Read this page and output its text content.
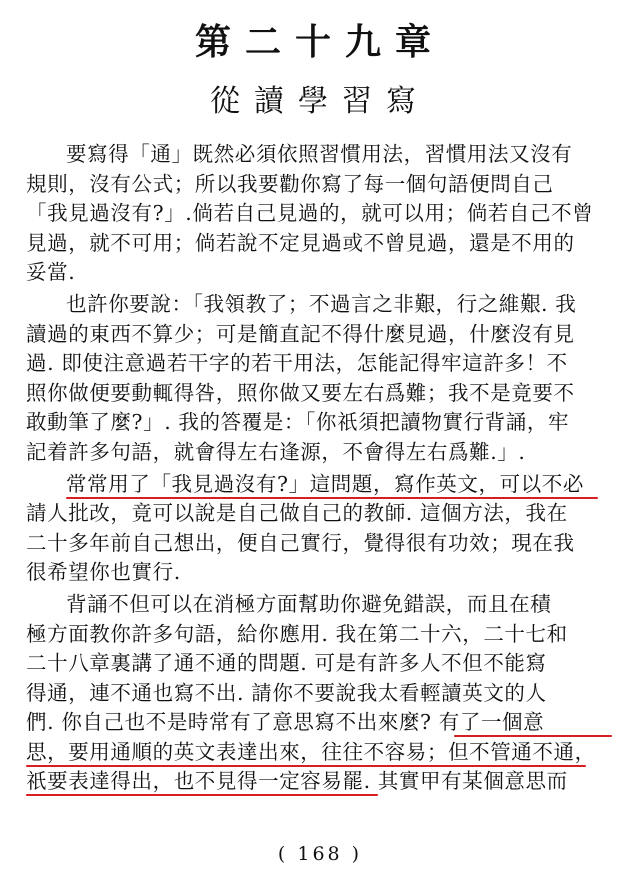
第二十九章
從讀學習寫
要寫得「通」既然必須依照習慣用法，習慣用法又沒有
規則，沒有公式；所以我要勸你寫了每一個句語便問自己
「我見過沒有?」.倘若自己見過的，就可以用；倘若自己不曾
見過，就不可用；倘若說不定見過或不曾見過，還是不用的
妥當.
也許你要說：「我領教了；不過言之非艱，行之維艱. 我
讀過的東西不算少；可是簡直記不得什麼見過，什麼沒有見
過. 即使注意過若干字的若干用法，怎能記得牢這許多！不
照你做便要動輒得咎，照你做又要左右爲難；我不是竟要不
敢動筆了麼?」. 我的答覆是：「你祇須把讀物實行背誦，牢
記着許多句語，就會得左右逢源，不會得左右爲難.」.
常常用了「我見過沒有?」這問題，寫作英文，可以不必
請人批改，竟可以說是自己做自己的教師. 這個方法，我在
二十多年前自己想出，便自己實行，覺得很有功效；現在我
很希望你也實行.
背誦不但可以在消極方面幫助你避免錯誤，而且在積
極方面教你許多句語，給你應用. 我在第二十六，二十七和
二十八章裏講了通不通的問題. 可是有許多人不但不能寫
得通，連不通也寫不出. 請你不要說我太看輕讀英文的人
們. 你自己也不是時常有了意思寫不出來麼? 有了一個意
思，要用通順的英文表達出來，往往不容易；但不管通不通，
祇要表達得出，也不見得一定容易罷. 其實甲有某個意思而
( 168 )
